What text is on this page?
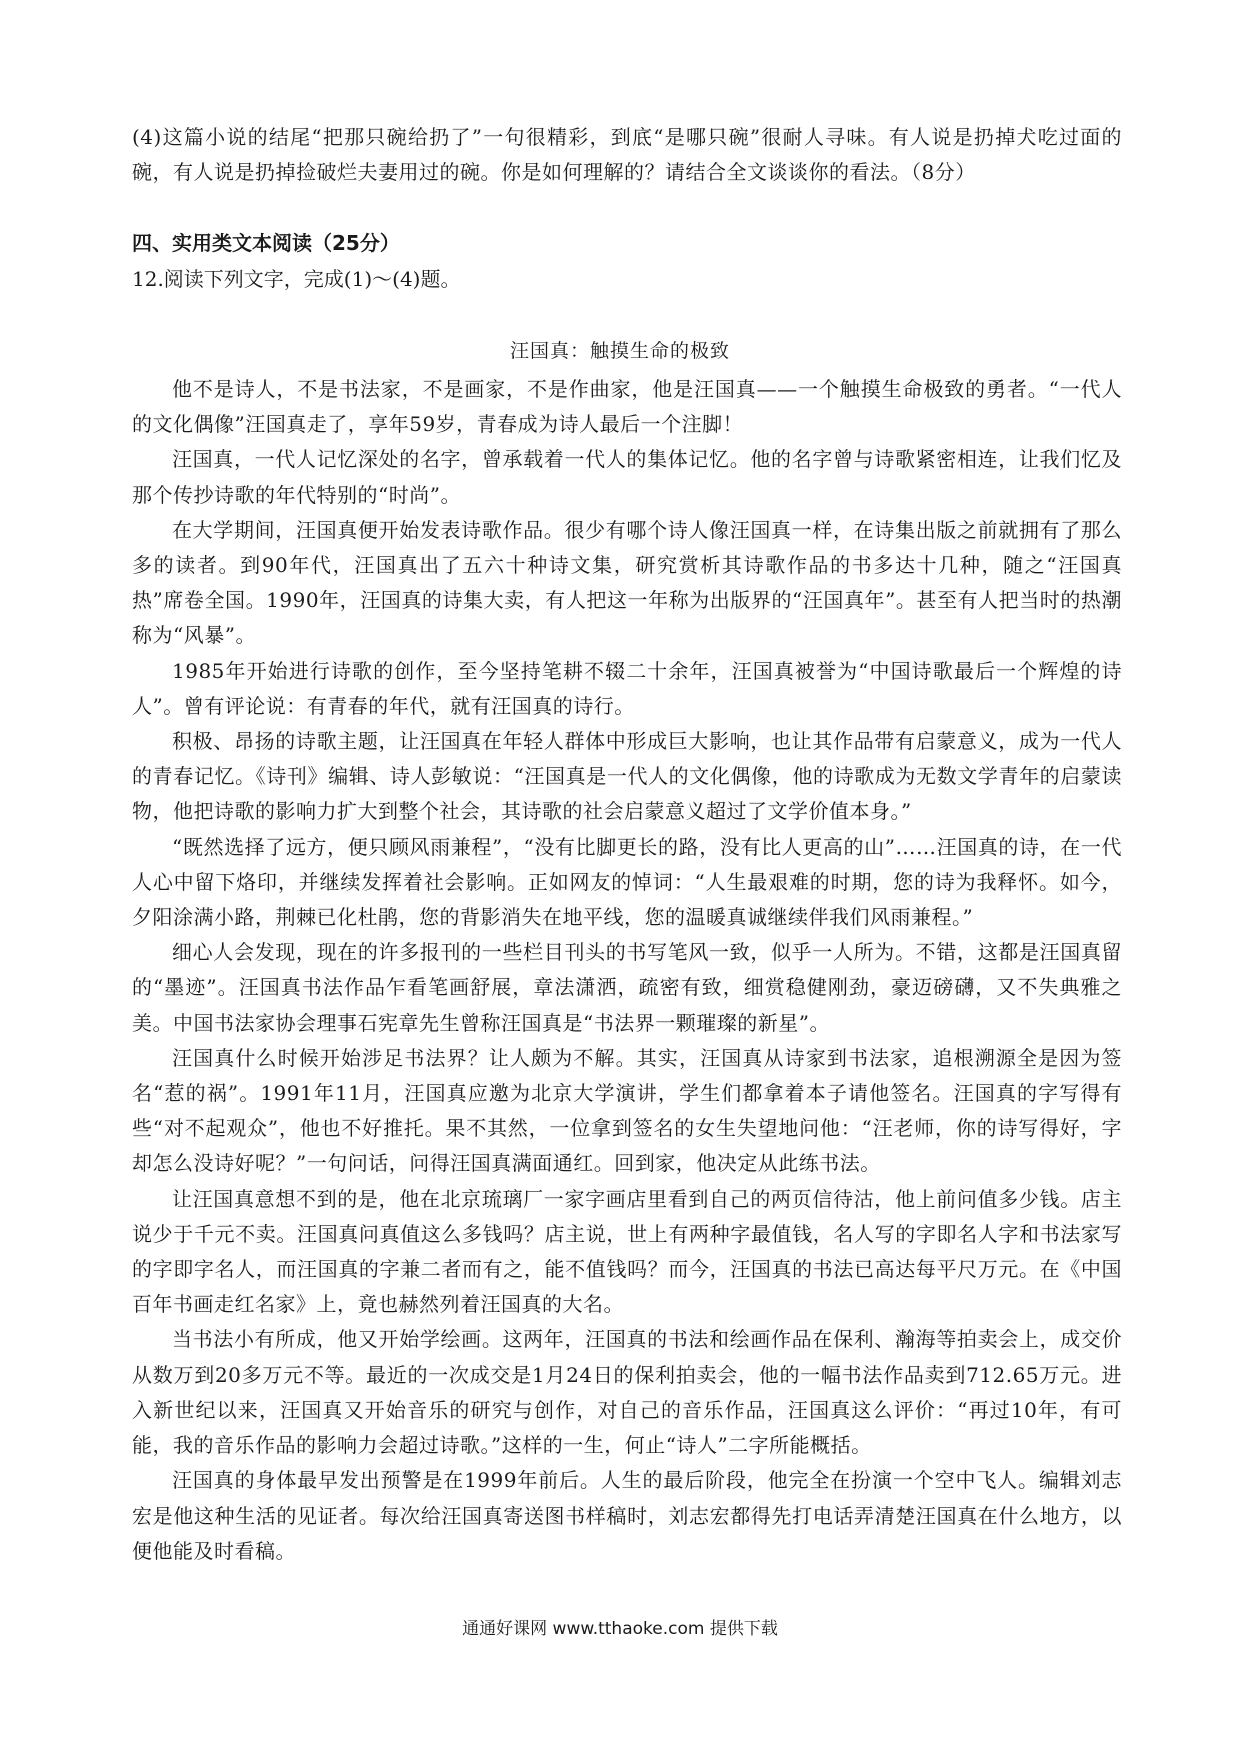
(4)这篇小说的结尾“把那只碗给扔了”一句很精彩，到底“是哪只碗”很耐人寻味。有人说是扔掉犬吃过面的碗，有人说是扔掉捡破烂夫妻用过的碗。你是如何理解的？请结合全文谈谈你的看法。（8分）
四、实用类文本阅读（25分）
12.阅读下列文字，完成(1)～(4)题。
汪国真：触摸生命的极致

他不是诗人，不是书法家，不是画家，不是作曲家，他是汪国真——一个触摸生命极致的勇者。“一代人的文化偶像”汪国真走了，享年59岁，青春成为诗人最后一个注脚！

汪国真，一代人记忆深处的名字，曾承载着一代人的集体记忆。他的名字曾与诗歌紧密相连，让我们忆及那个传抄诗歌的年代特别的“时尚”。

在大学期间，汪国真便开始发表诗歌作品。很少有哪个诗人像汪国真一样，在诗集出版之前就拥有了那么多的读者。到90年代，汪国真出了五六十种诗文集，研究赏析其诗歌作品的书多达十几种，随之“汪国真热”席卷全国。1990年，汪国真的诗集大卖，有人把这一年称为出版界的“汪国真年”。甚至有人把当时的热潮称为“风暴”。

1985年开始进行诗歌的创作，至今坚持笔耕不辍二十余年，汪国真被誉为“中国诗歌最后一个辉煌的诗人”。曾有评论说：有青春的年代，就有汪国真的诗行。

积极、昂扬的诗歌主题，让汪国真在年轻人群体中形成巨大影响，也让其作品带有启蒙意义，成为一代人的青春记忆。《诗刊》编辑、诗人彭敏说：“汪国真是一代人的文化偶像，他的诗歌成为无数文学青年的启蒙读物，他把诗歌的影响力扩大到整个社会，其诗歌的社会启蒙意义超过了文学价值本身。”

“既然选择了远方，便只顾风雨兼程”，“没有比脚更长的路，没有比人更高的山”……汪国真的诗，在一代人心中留下烙印，并继续发挥着社会影响。正如网友的悼词：“人生最艰难的时期，您的诗为我释怀。如今，夕阳涂满小路，荆棘已化杜鹃，您的背影消失在地平线，您的温暖真诚继续伴我们风雨兼程。”

细心人会发现，现在的许多报刊的一些栏目刊头的书写笔风一致，似乎一人所为。不错，这都是汪国真留的“墨迹”。汪国真书法作品乍看笔画舒展，章法潇洒，疏密有致，细赏稳健刚劲，豪迈磅礴，又不失典雅之美。中国书法家协会理事石宪章先生曾称汪国真是“书法界一颗璀璨的新星”。

汪国真什么时候开始涉足书法界？让人颇为不解。其实，汪国真从诗家到书法家，追根溯源全是因为签名“惹的祸”。1991年11月，汪国真应邀为北京大学演讲，学生们都拿着本子请他签名。汪国真的字写得有些“对不起观众”，他也不好推托。果不其然，一位拿到签名的女生失望地问他：“汪老师，你的诗写得好，字却怎么没诗好呢？”一句问话，问得汪国真满面通红。回到家，他决定从此练书法。

让汪国真意想不到的是，他在北京琉璃厂一家字画店里看到自己的两页信待沽，他上前问值多少钱。店主说少于千元不卖。汪国真问真值这么多钱吗？店主说，世上有两种字最值钱，名人写的字即名人字和书法家写的字即字名人，而汪国真的字兼二者而有之，能不值钱吗？而今，汪国真的书法已高达每平尺万元。在《中国百年书画走红名家》上，竟也赫然列着汪国真的大名。

当书法小有所成，他又开始学绘画。这两年，汪国真的书法和绘画作品在保利、瀚海等拍卖会上，成交价从数万到20多万元不等。最近的一次成交是1月24日的保利拍卖会，他的一幅书法作品卖到712.65万元。进入新世纪以来，汪国真又开始音乐的研究与创作，对自己的音乐作品，汪国真这么评价：“再过10年，有可能，我的音乐作品的影响力会超过诗歌。”这样的一生，何止“诗人”二字所能概括。

汪国真的身体最早发出预警是在1999年前后。人生的最后阶段，他完全在扮演一个空中飞人。编辑刘志宏是他这种生活的见证者。每次给汪国真寄送图书样稿时，刘志宏都得先打电话弄清楚汪国真在什么地方，以便他能及时看稿。

通通好课网 www.tthaoke.com 提供下载
